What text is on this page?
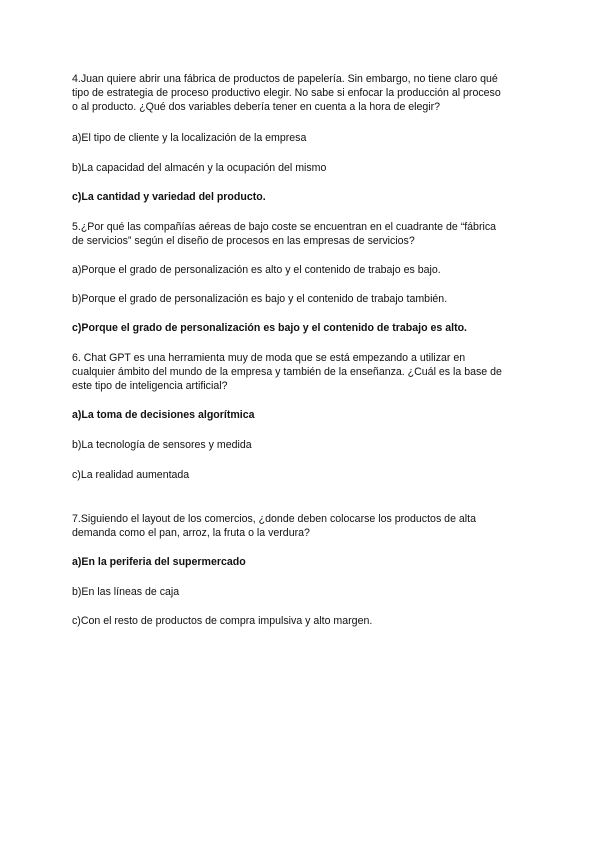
4.Juan quiere abrir una fábrica de productos de papelería. Sin embargo, no tiene claro qué
tipo de estrategia de proceso productivo elegir. No sabe si enfocar la producción al proceso
o al producto. ¿Qué dos variables debería tener en cuenta a la hora de elegir?
a)El tipo de cliente y la localización de la empresa
b)La capacidad del almacén y la ocupación del mismo
c)La cantidad y variedad del producto.
5.¿Por qué las compañías aéreas de bajo coste se encuentran en el cuadrante de “fábrica
de servicios” según el diseño de procesos en las empresas de servicios?
a)Porque el grado de personalización es alto y el contenido de trabajo es bajo.
b)Porque el grado de personalización es bajo y el contenido de trabajo también.
c)Porque el grado de personalización es bajo y el contenido de trabajo es alto.
6. Chat GPT es una herramienta muy de moda que se está empezando a utilizar en
cualquier ámbito del mundo de la empresa y también de la enseñanza. ¿Cuál es la base de
este tipo de inteligencia artificial?
a)La toma de decisiones algorítmica
b)La tecnología de sensores y medida
c)La realidad aumentada
7.Siguiendo el layout de los comercios, ¿donde deben colocarse los productos de alta
demanda como el pan, arroz, la fruta o la verdura?
a)En la periferia del supermercado
b)En las líneas de caja
c)Con el resto de productos de compra impulsiva y alto margen.
